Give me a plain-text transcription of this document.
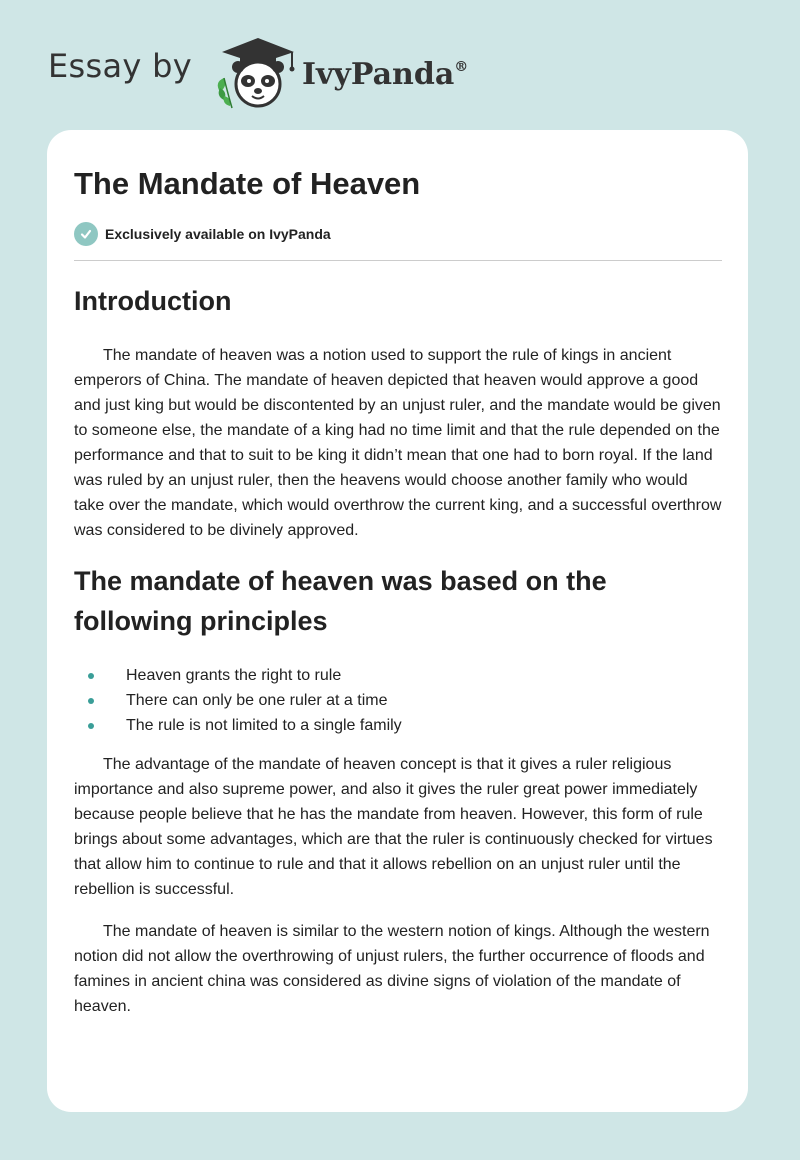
Essay by	IvyPanda®
The Mandate of Heaven
Exclusively available on IvyPanda
Introduction

The mandate of heaven was a notion used to support the rule of kings in ancient emperors of China. The mandate of heaven depicted that heaven would approve a good and just king but would be discontented by an unjust ruler, and the mandate would be given to someone else, the mandate of a king had no time limit and that the rule depended on the performance and that to suit to be king it didn’t mean that one had to born royal. If the land was ruled by an unjust ruler, then the heavens would choose another family who would take over the mandate, which would overthrow the current king, and a successful overthrow was considered to be divinely approved.

The mandate of heaven was based on the following principles
Heaven grants the right to rule
There can only be one ruler at a time
The rule is not limited to a single family

The advantage of the mandate of heaven concept is that it gives a ruler religious importance and also supreme power, and also it gives the ruler great power immediately because people believe that he has the mandate from heaven. However, this form of rule brings about some advantages, which are that the ruler is continuously checked for virtues that allow him to continue to rule and that it allows rebellion on an unjust ruler until the rebellion is successful.

The mandate of heaven is similar to the western notion of kings. Although the western notion did not allow the overthrowing of unjust rulers, the further occurrence of floods and famines in ancient china was considered as divine signs of violation of the mandate of heaven.
